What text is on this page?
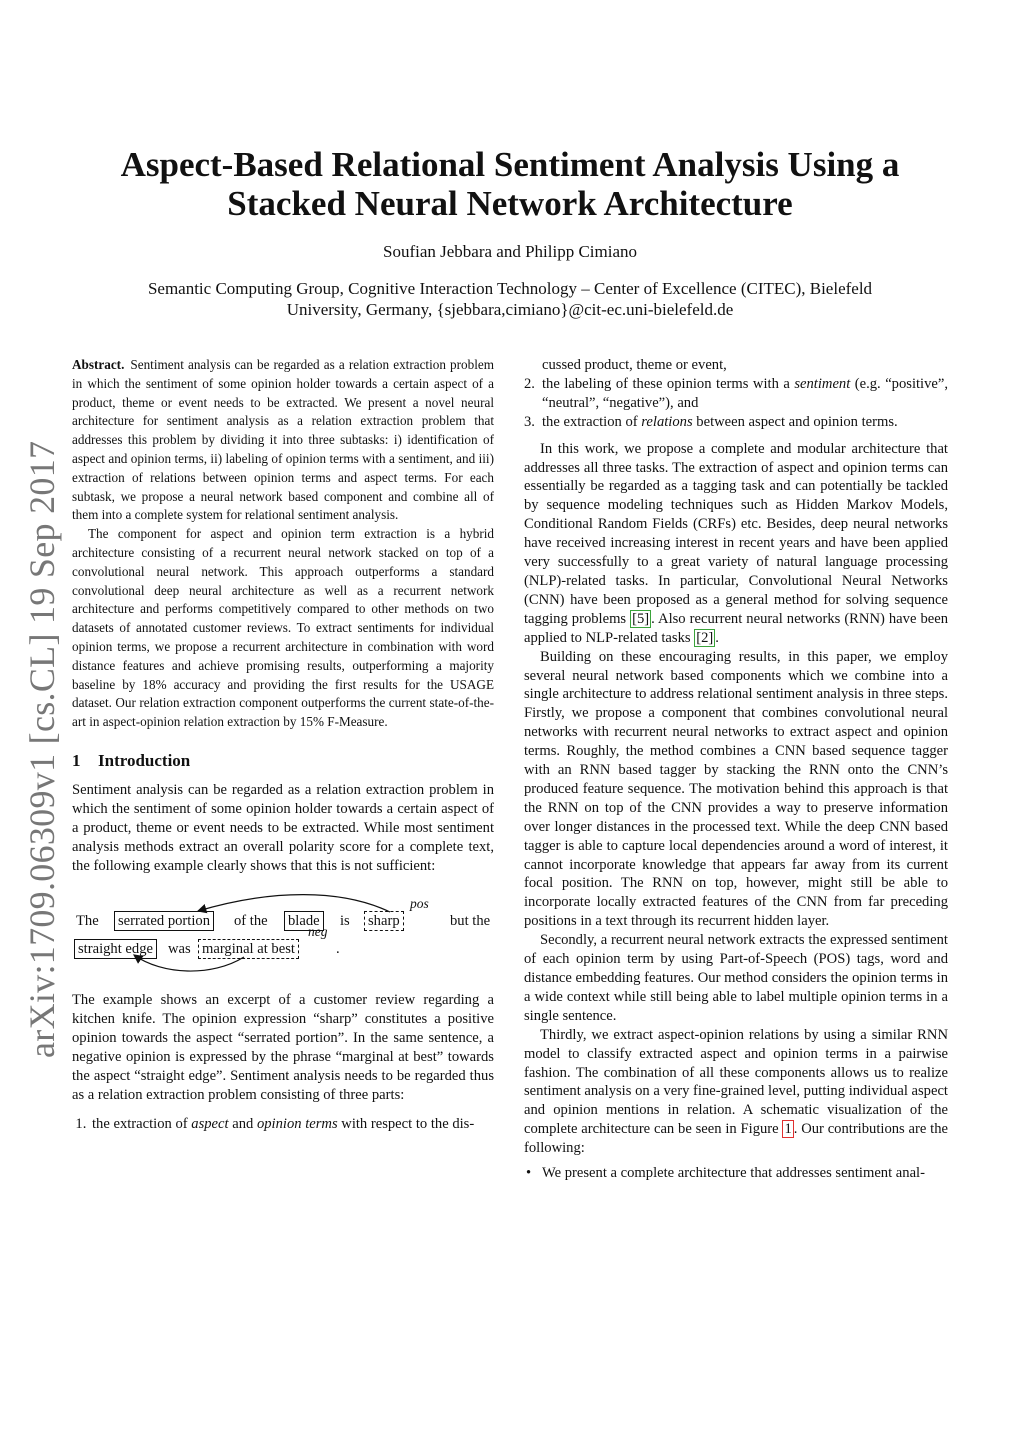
arXiv:1709.06309v1 [cs.CL] 19 Sep 2017
Aspect-Based Relational Sentiment Analysis Using a
Stacked Neural Network Architecture
Soufian Jebbara and Philipp Cimiano
Semantic Computing Group, Cognitive Interaction Technology – Center of Excellence (CITEC), Bielefeld
University, Germany, {sjebbara,cimiano}@cit-ec.uni-bielefeld.de

Abstract. Sentiment analysis can be regarded as a relation extraction problem in which the sentiment of some opinion holder towards a certain aspect of a product, theme or event needs to be extracted. We present a novel neural architecture for sentiment analysis as a relation extraction problem that addresses this problem by dividing it into three subtasks: i) identification of aspect and opinion terms, ii) labeling of opinion terms with a sentiment, and iii) extraction of relations between opinion terms and aspect terms. For each subtask, we propose a neural network based component and combine all of them into a complete system for relational sentiment analysis.

The component for aspect and opinion term extraction is a hybrid architecture consisting of a recurrent neural network stacked on top of a convolutional neural network. This approach outperforms a standard convolutional deep neural architecture as well as a recurrent network architecture and performs competitively compared to other methods on two datasets of annotated customer reviews. To extract sentiments for individual opinion terms, we propose a recurrent architecture in combination with word distance features and achieve promising results, outperforming a majority baseline by 18% accuracy and providing the first results for the USAGE dataset. Our relation extraction component outperforms the current state-of-the-art in aspect-opinion relation extraction by 15% F-Measure.

1 Introduction

Sentiment analysis can be regarded as a relation extraction problem in which the sentiment of some opinion holder towards a certain aspect of a product, theme or event needs to be extracted. While most sentiment analysis methods extract an overall polarity score for a complete text, the following example clearly shows that this is not sufficient:

The serrated portion of the blade is sharp
pos
but the
straight edge was marginal at best
neg
.

The example shows an excerpt of a customer review regarding a kitchen knife. The opinion expression “sharp” constitutes a positive opinion towards the aspect “serrated portion”. In the same sentence, a negative opinion is expressed by the phrase “marginal at best” towards the aspect “straight edge”. Sentiment analysis needs to be regarded thus as a relation extraction problem consisting of three parts:

1. the extraction of aspect and opinion terms with respect to the dis-

cussed product, theme or event,

2. the labeling of these opinion terms with a sentiment (e.g. “positive”, “neutral”, “negative”), and
3. the extraction of relations between aspect and opinion terms.

In this work, we propose a complete and modular architecture that addresses all three tasks. The extraction of aspect and opinion terms can essentially be regarded as a tagging task and can potentially be tackled by sequence modeling techniques such as Hidden Markov Models, Conditional Random Fields (CRFs) etc. Besides, deep neural networks have received increasing interest in recent years and have been applied very successfully to a great variety of natural language processing (NLP)-related tasks. In particular, Convolutional Neural Networks (CNN) have been proposed as a general method for solving sequence tagging problems [5] . Also recurrent neural networks (RNN) have been applied to NLP-related tasks [2] .

Building on these encouraging results, in this paper, we employ several neural network based components which we combine into a single architecture to address relational sentiment analysis in three steps. Firstly, we propose a component that combines convolutional neural networks with recurrent neural networks to extract aspect and opinion terms. Roughly, the method combines a CNN based sequence tagger with an RNN based tagger by stacking the RNN onto the CNN’s produced feature sequence. The motivation behind this approach is that the RNN on top of the CNN provides a way to preserve information over longer distances in the processed text. While the deep CNN based tagger is able to capture local dependencies around a word of interest, it cannot incorporate knowledge that appears far away from its current focal position. The RNN on top, however, might still be able to incorporate locally extracted features of the CNN from far preceding positions in a text through its recurrent hidden layer.

Secondly, a recurrent neural network extracts the expressed sentiment of each opinion term by using Part-of-Speech (POS) tags, word and distance embedding features. Our method considers the opinion terms in a wide context while still being able to label multiple opinion terms in a single sentence.

Thirdly, we extract aspect-opinion relations by using a similar RNN model to classify extracted aspect and opinion terms in a pairwise fashion. The combination of all these components allows us to realize sentiment analysis on a very fine-grained level, putting individual aspect and opinion mentions in relation. A schematic visualization of the complete architecture can be seen in Figure 1 . Our contributions are the following:

• We present a complete architecture that addresses sentiment anal-
